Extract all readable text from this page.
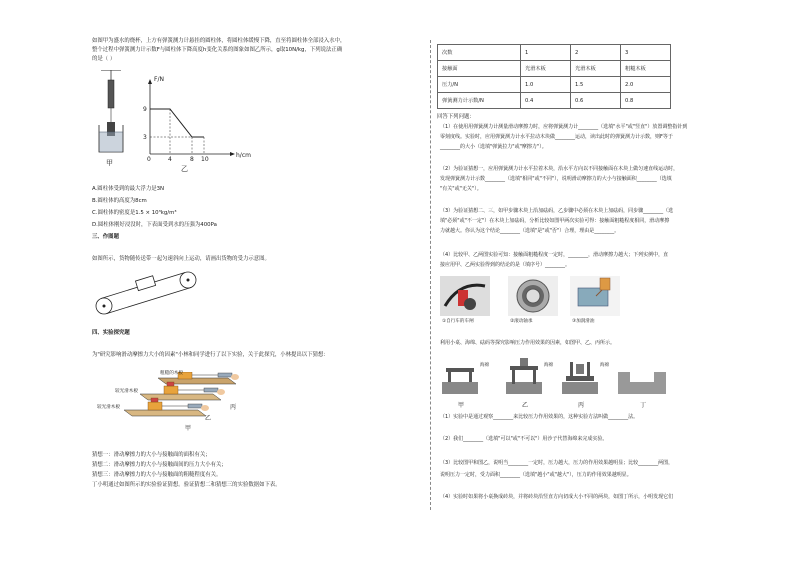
如图甲为盛水的烧杯，上方有弹簧测力计悬挂的圆柱体，将圆柱体缓慢下降，直至将圆柱体全部浸入水中，
整个过程中弹簧测力计示数F与圆柱体下降高度h变化关系的图象如图乙所示，g取10N/kg，下列说法正确
的是（ ）
甲
F/N
h/cm
9
3
0	4	8 10
乙
A.圆柱体受到的最大浮力是3N
B.圆柱体的高度为8cm
C.圆柱体的密度是1.5 × 10³kg/m³
D.圆柱体刚好浸没时，下表面受到水的压强为400Pa
三、作图题
如图所示，货物随传送带一起匀速斜向上运动，请画出货物的受力示意图。
四、实验探究题
为"研究影响滑动摩擦力大小的因素"小林和同学进行了以下实验，关于此探究，小林提出以下猜想：
粗糙的木板
较光滑木板
较光滑木板
甲
乙
丙
猜想一：滑动摩擦力的大小与接触面的面积有关；
猜想二：滑动摩擦力的大小与接触面间的压力大小有关；
猜想三：滑动摩擦力的大小与接触面的粗糙程度有关。
丁小明通过如图所示的实验验证猜想。验证猜想二和猜想三的实验数据如下表。
次数	1	2	3
接触面	光滑木板	光滑木板	粗糙木板
压力/N	1.0	1.5	2.0
弹簧测力计示数/N	0.4	0.6	0.8
回答下列问题：
（1）在使用用弹簧测力计测量滑动摩擦力时，应将弹簧测力计________（选填"水平"或"竖直"）放置调整指针到
零刻度线。实验时，应用弹簧测力计水平拉动木块做________运动，读出此时的弹簧测力计示数，则F等于
________的大小（选填"弹簧拉力"或"摩擦力"）。
（2）为验证猜想一，应用弹簧测力计水平拉着木块，沿水平方向以不同接触面在木块上做匀速直线运动时，
发现弹簧测力计示数________（选填"相同"或"不同"），说明滑动摩擦力的大小与接触面积________（选填
"有关"或"无关"）。
（3）为验证猜想二、三，如甲步骤木块上沿加砝码，乙步骤中必须在木块上加砝码，同步骤________（选
填"必须"或"不一定"）在木块上加砝码，分析比较如图甲两次实验可得：接触面粗糙程度相同，滑动摩擦
力就越大。你认为这个结论________（选填"是"或"否"）合理，理由是________。
（4）比较甲、乙两图实验可知：接触面粗糙程度一定时，________，滑动摩擦力越大；下列实例中，直
接应用甲、乙两实验得到的结论的是（填序号）________。
①自行车的车闸	②滚动轴承	③加润滑油
利用小桌、海绵、砝码等探究影响压力作用效果的因素，如图甲、乙、丙所示。
海绵	海绵	海绵
甲	乙	丙	丁
（1）实验中是通过观察________来比较压力作用效果的，这种实验方法叫做________法。
（2）我们________（选填"可以"或"不可以"）用沙子代替海绵来完成实验。
（3）比较图甲和图乙，说明当________一定时，压力越大，压力的作用效果越明显；比较________两图，
说明压力一定时，受力面积________（选填"越小"或"越大"），压力的作用效果越明显。
（4）实验时如果将小桌换成砖块，并将砖块沿竖直方向切成大小不同的两块，如图丁所示，小明发现它们
